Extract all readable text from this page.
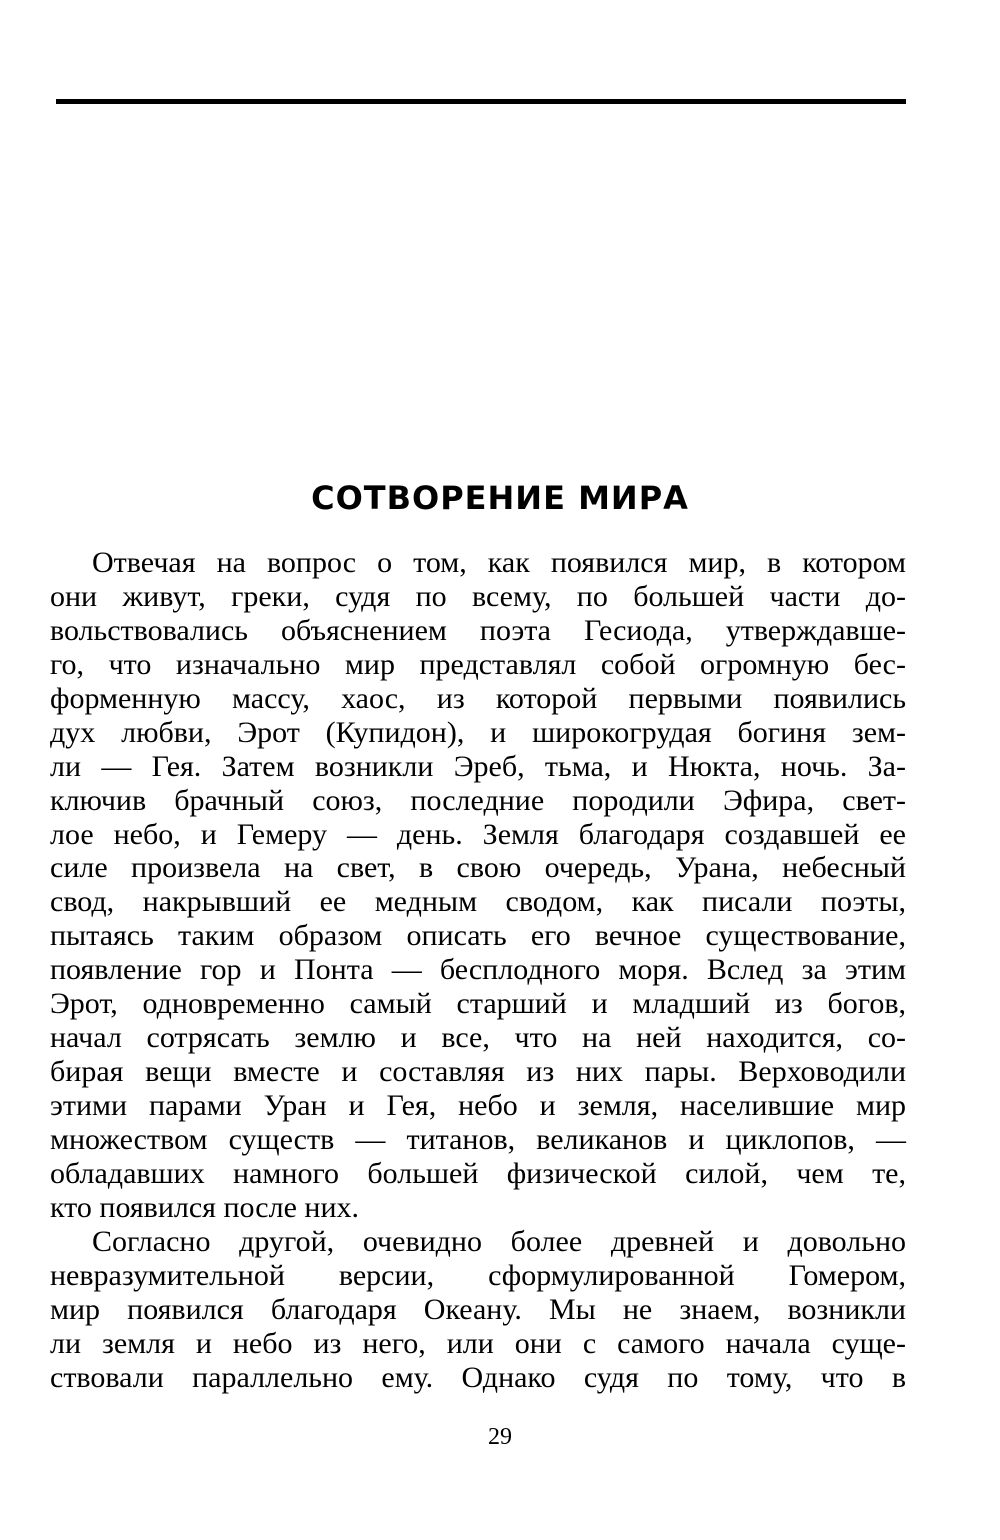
СОТВОРЕНИЕ МИРА
Отвечая на вопрос о том, как появился мир, в котором
они живут, греки, судя по всему, по большей части до-
вольствовались объяснением поэта Гесиода, утверждавше-
го, что изначально мир представлял собой огромную бес-
форменную массу, хаос, из которой первыми появились
дух любви, Эрот (Купидон), и широкогрудая богиня зем-
ли — Гея. Затем возникли Эреб, тьма, и Нюкта, ночь. За-
ключив брачный союз, последние породили Эфира, свет-
лое небо, и Гемеру — день. Земля благодаря создавшей ее
силе произвела на свет, в свою очередь, Урана, небесный
свод, накрывший ее медным сводом, как писали поэты,
пытаясь таким образом описать его вечное существование,
появление гор и Понта — бесплодного моря. Вслед за этим
Эрот, одновременно самый старший и младший из богов,
начал сотрясать землю и все, что на ней находится, со-
бирая вещи вместе и составляя из них пары. Верховодили
этими парами Уран и Гея, небо и земля, населившие мир
множеством существ — титанов, великанов и циклопов, —
обладавших намного большей физической силой, чем те,
кто появился после них.
Согласно другой, очевидно более древней и довольно
невразумительной версии, сформулированной Гомером,
мир появился благодаря Океану. Мы не знаем, возникли
ли земля и небо из него, или они с самого начала суще-
ствовали параллельно ему. Однако судя по тому, что в
29
